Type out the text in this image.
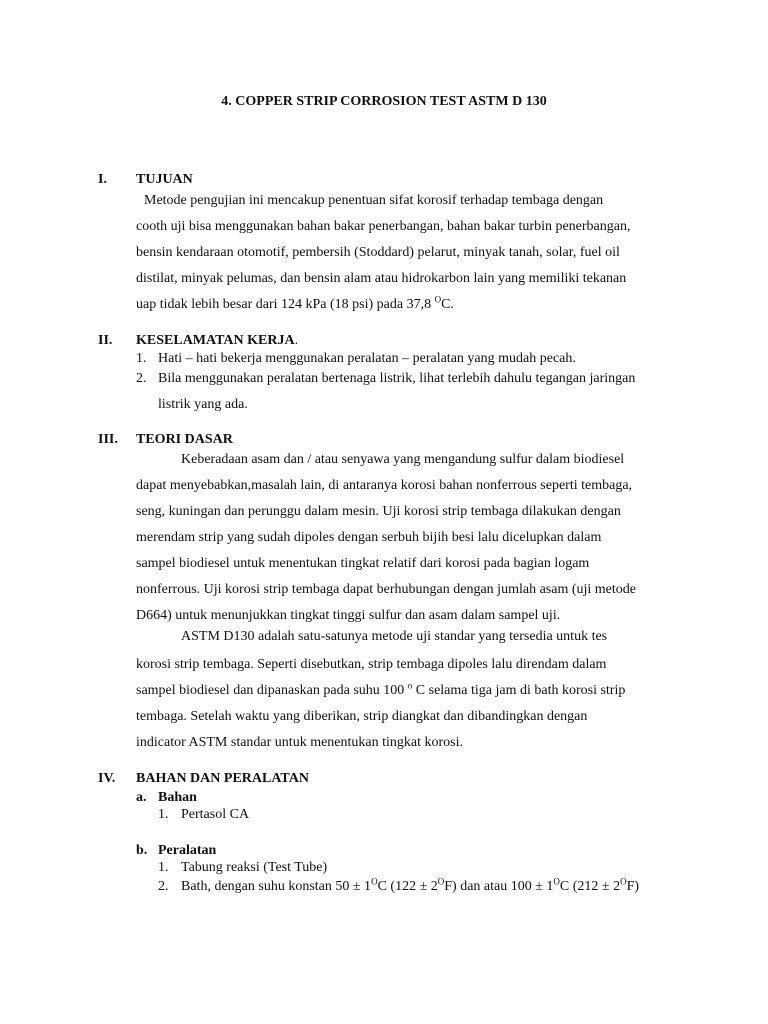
4. COPPER STRIP CORROSION TEST ASTM D 130
I.	TUJUAN
Metode pengujian ini mencakup penentuan sifat korosif terhadap tembaga dengan
cooth uji bisa menggunakan bahan bakar penerbangan, bahan bakar turbin penerbangan,
bensin kendaraan otomotif, pembersih (Stoddard) pelarut, minyak tanah, solar, fuel oil
distilat, minyak pelumas, dan bensin alam atau hidrokarbon lain yang memiliki tekanan
uap tidak lebih besar dari 124 kPa (18 psi) pada 37,8 $^O$C.
II.	KESELAMATAN KERJA.
1. Hati – hati bekerja menggunakan peralatan – peralatan yang mudah pecah.
2. Bila menggunakan peralatan bertenaga listrik, lihat terlebih dahulu tegangan jaringan
listrik yang ada.
III.	TEORI DASAR
Keberadaan asam dan / atau senyawa yang mengandung sulfur dalam biodiesel
dapat menyebabkan,masalah lain, di antaranya korosi bahan nonferrous seperti tembaga,
seng, kuningan dan perunggu dalam mesin. Uji korosi strip tembaga dilakukan dengan
merendam strip yang sudah dipoles dengan serbuh bijih besi lalu dicelupkan dalam
sampel biodiesel untuk menentukan tingkat relatif dari korosi pada bagian logam
nonferrous. Uji korosi strip tembaga dapat berhubungan dengan jumlah asam (uji metode
D664) untuk menunjukkan tingkat tinggi sulfur dan asam dalam sampel uji.
ASTM D130 adalah satu-satunya metode uji standar yang tersedia untuk tes
korosi strip tembaga. Seperti disebutkan, strip tembaga dipoles lalu direndam dalam
sampel biodiesel dan dipanaskan pada suhu 100 $^o$ C selama tiga jam di bath korosi strip
tembaga. Setelah waktu yang diberikan, strip diangkat dan dibandingkan dengan
indicator ASTM standar untuk menentukan tingkat korosi.
IV.	BAHAN DAN PERALATAN
a. Bahan
1. Pertasol CA
b. Peralatan
1. Tabung reaksi (Test Tube)
2. Bath, dengan suhu konstan $50 \pm 1^OC$ $(122 \pm 2^OF)$ dan atau $100 \pm 1^OC$ $(212 \pm 2^OF)$
